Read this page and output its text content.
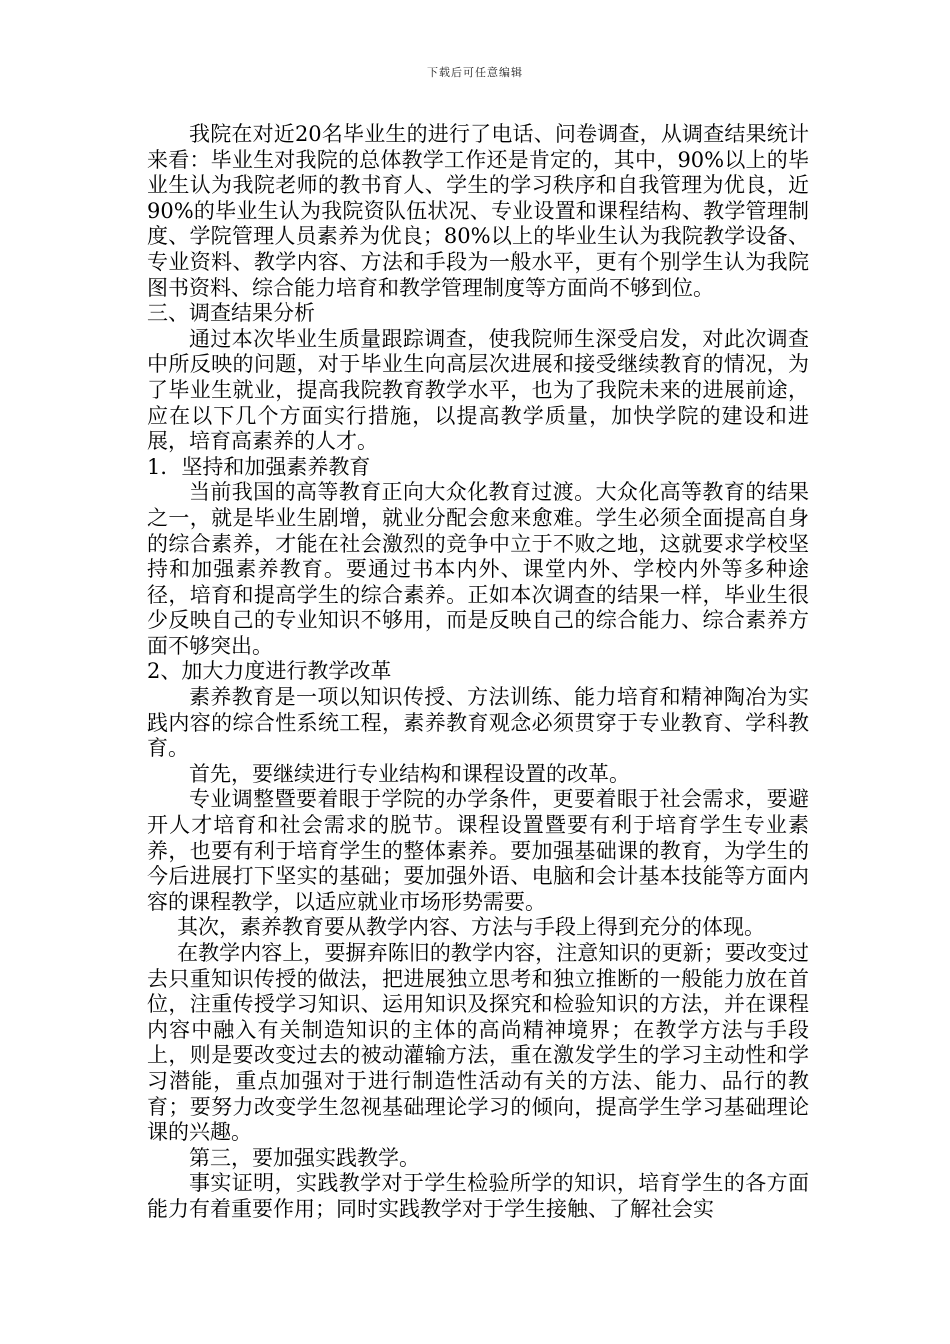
下载后可任意编辑

我院在对近20名毕业生的进行了电话、问卷调查，从调查结果统计来看：毕业生对我院的总体教学工作还是肯定的，其中，90%以上的毕业生认为我院老师的教书育人、学生的学习秩序和自我管理为优良，近90%的毕业生认为我院资队伍状况、专业设置和课程结构、教学管理制度、学院管理人员素养为优良；80%以上的毕业生认为我院教学设备、专业资料、教学内容、方法和手段为一般水平，更有个别学生认为我院图书资料、综合能力培育和教学管理制度等方面尚不够到位。

三、调查结果分析

通过本次毕业生质量跟踪调查，使我院师生深受启发，对此次调查中所反映的问题，对于毕业生向高层次进展和接受继续教育的情况，为了毕业生就业，提高我院教育教学水平，也为了我院未来的进展前途，应在以下几个方面实行措施，以提高教学质量，加快学院的建设和进展，培育高素养的人才。

1．坚持和加强素养教育

当前我国的高等教育正向大众化教育过渡。大众化高等教育的结果之一，就是毕业生剧增，就业分配会愈来愈难。学生必须全面提高自身的综合素养，才能在社会激烈的竞争中立于不败之地，这就要求学校坚持和加强素养教育。要通过书本内外、课堂内外、学校内外等多种途径，培育和提高学生的综合素养。正如本次调查的结果一样，毕业生很少反映自己的专业知识不够用，而是反映自己的综合能力、综合素养方面不够突出。

2、加大力度进行教学改革

素养教育是一项以知识传授、方法训练、能力培育和精神陶冶为实践内容的综合性系统工程，素养教育观念必须贯穿于专业教育、学科教育。

首先，要继续进行专业结构和课程设置的改革。

专业调整暨要着眼于学院的办学条件，更要着眼于社会需求，要避开人才培育和社会需求的脱节。课程设置暨要有利于培育学生专业素养，也要有利于培育学生的整体素养。要加强基础课的教育，为学生的今后进展打下坚实的基础；要加强外语、电脑和会计基本技能等方面内容的课程教学，以适应就业市场形势需要。

其次，素养教育要从教学内容、方法与手段上得到充分的体现。

在教学内容上，要摒弃陈旧的教学内容，注意知识的更新；要改变过去只重知识传授的做法，把进展独立思考和独立推断的一般能力放在首位，注重传授学习知识、运用知识及探究和检验知识的方法，并在课程内容中融入有关制造知识的主体的高尚精神境界；在教学方法与手段上，则是要改变过去的被动灌输方法，重在激发学生的学习主动性和学习潜能，重点加强对于进行制造性活动有关的方法、能力、品行的教育；要努力改变学生忽视基础理论学习的倾向，提高学生学习基础理论课的兴趣。

第三，要加强实践教学。

事实证明，实践教学对于学生检验所学的知识，培育学生的各方面能力有着重要作用；同时实践教学对于学生接触、了解社会实
